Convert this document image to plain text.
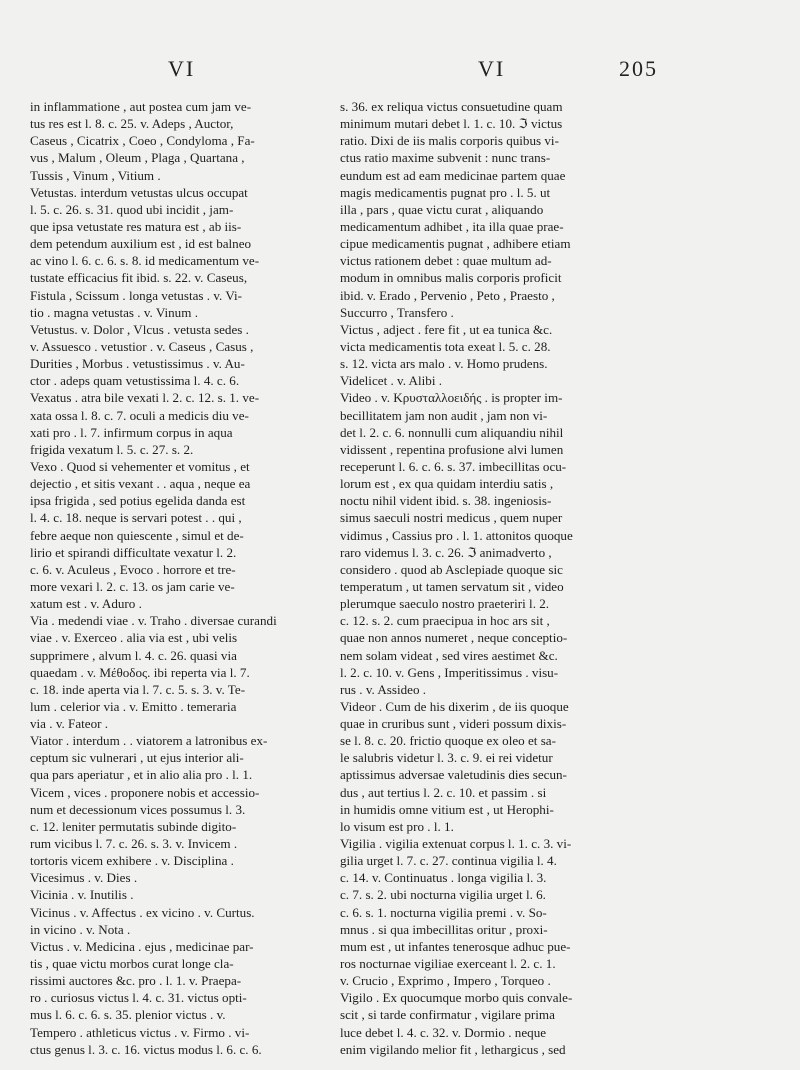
VI	VI	205
in inflammatione , aut postea cum jam ve-
tus res est l. 8. c. 25. v. Adeps , Auctor,
Caseus , Cicatrix , Coeo , Condyloma , Fa-
vus , Malum , Oleum , Plaga , Quartana ,
Tussis , Vinum , Vitium .
Vetustas. interdum vetustas ulcus occupat
l. 5. c. 26. s. 31. quod ubi incidit , jam-
que ipsa vetustate res matura est , ab iis-
dem petendum auxilium est , id est balneo
ac vino l. 6. c. 6. s. 8. id medicamentum ve-
tustate efficacius fit ibid. s. 22. v. Caseus,
Fistula , Scissum . longa vetustas . v. Vi-
tio . magna vetustas . v. Vinum .
Vetustus. v. Dolor , Vlcus . vetusta sedes .
v. Assuesco . vetustior . v. Caseus , Casus ,
Durities , Morbus . vetustissimus . v. Au-
ctor . adeps quam vetustissima l. 4. c. 6.
Vexatus . atra bile vexati l. 2. c. 12. s. 1. ve-
xata ossa l. 8. c. 7. oculi a medicis diu ve-
xati pro . l. 7. infirmum corpus in aqua
frigida vexatum l. 5. c. 27. s. 2.
Vexo . Quod si vehementer et vomitus , et
dejectio , et sitis vexant . . aqua , neque ea
ipsa frigida , sed potius egelida danda est
l. 4. c. 18. neque is servari potest . . qui ,
febre aeque non quiescente , simul et de-
lirio et spirandi difficultate vexatur l. 2.
c. 6. v. Aculeus , Evoco . horrore et tre-
more vexari l. 2. c. 13. os jam carie ve-
xatum est . v. Aduro .
Via . medendi viae . v. Traho . diversae curandi
viae . v. Exerceo . alia via est , ubi velis
supprimere , alvum l. 4. c. 26. quasi via
quaedam . v. Μέθοδος. ibi reperta via l. 7.
c. 18. inde aperta via l. 7. c. 5. s. 3. v. Te-
lum . celerior via . v. Emitto . temeraria
via . v. Fateor .
Viator . interdum . . viatorem a latronibus ex-
ceptum sic vulnerari , ut ejus interior ali-
qua pars aperiatur , et in alio alia pro . l. 1.
Vicem , vices . proponere nobis et accessio-
num et decessionum vices possumus l. 3.
c. 12. leniter permutatis subinde digito-
rum vicibus l. 7. c. 26. s. 3. v. Invicem .
tortoris vicem exhibere . v. Disciplina .
Vicesimus . v. Dies .
Vicinia . v. Inutilis .
Vicinus . v. Affectus . ex vicino . v. Curtus.
in vicino . v. Nota .
Victus . v. Medicina . ejus , medicinae par-
tis , quae victu morbos curat longe cla-
rissimi auctores &c. pro . l. 1. v. Praepa-
ro . curiosus victus l. 4. c. 31. victus opti-
mus l. 6. c. 6. s. 35. plenior victus . v.
Tempero . athleticus victus . v. Firmo . vi-
ctus genus l. 3. c. 16. victus modus l. 6. c. 6.
s. 36. ex reliqua victus consuetudine quam
minimum mutari debet l. 1. c. 10. ℑ victus
ratio. Dixi de iis malis corporis quibus vi-
ctus ratio maxime subvenit : nunc trans-
eundum est ad eam medicinae partem quae
magis medicamentis pugnat pro . l. 5. ut
illa , pars , quae victu curat , aliquando
medicamentum adhibet , ita illa quae prae-
cipue medicamentis pugnat , adhibere etiam
victus rationem debet : quae multum ad-
modum in omnibus malis corporis proficit
ibid. v. Erado , Pervenio , Peto , Praesto ,
Succurro , Transfero .
Victus , adject . fere fit , ut ea tunica &c.
victa medicamentis tota exeat l. 5. c. 28.
s. 12. victa ars malo . v. Homo prudens.
Videlicet . v. Alibi .
Video . v. Κρυσταλλοειδής . is propter im-
becillitatem jam non audit , jam non vi-
det l. 2. c. 6. nonnulli cum aliquandiu nihil
vidissent , repentina profusione alvi lumen
receperunt l. 6. c. 6. s. 37. imbecillitas ocu-
lorum est , ex qua quidam interdiu satis ,
noctu nihil vident ibid. s. 38. ingeniosis-
simus saeculi nostri medicus , quem nuper
vidimus , Cassius pro . l. 1. attonitos quoque
raro videmus l. 3. c. 26. ℑ animadverto ,
considero . quod ab Asclepiade quoque sic
temperatum , ut tamen servatum sit , video
plerumque saeculo nostro praeteriri l. 2.
c. 12. s. 2. cum praecipua in hoc ars sit ,
quae non annos numeret , neque conceptio-
nem solam videat , sed vires aestimet &c.
l. 2. c. 10. v. Gens , Imperitissimus . visu-
rus . v. Assideo .
Videor . Cum de his dixerim , de iis quoque
quae in cruribus sunt , videri possum dixis-
se l. 8. c. 20. frictio quoque ex oleo et sa-
le salubris videtur l. 3. c. 9. ei rei videtur
aptissimus adversae valetudinis dies secun-
dus , aut tertius l. 2. c. 10. et passim . si
in humidis omne vitium est , ut Herophi-
lo visum est pro . l. 1.
Vigilia . vigilia extenuat corpus l. 1. c. 3. vi-
gilia urget l. 7. c. 27. continua vigilia l. 4.
c. 14. v. Continuatus . longa vigilia l. 3.
c. 7. s. 2. ubi nocturna vigilia urget l. 6.
c. 6. s. 1. nocturna vigilia premi . v. So-
mnus . si qua imbecillitas oritur , proxi-
mum est , ut infantes tenerosque adhuc pue-
ros nocturnae vigiliae exerceant l. 2. c. 1.
v. Crucio , Exprimo , Impero , Torqueo .
Vigilo . Ex quocumque morbo quis convale-
scit , si tarde confirmatur , vigilare prima
luce debet l. 4. c. 32. v. Dormio . neque
enim vigilando melior fit , lethargicus , sed
